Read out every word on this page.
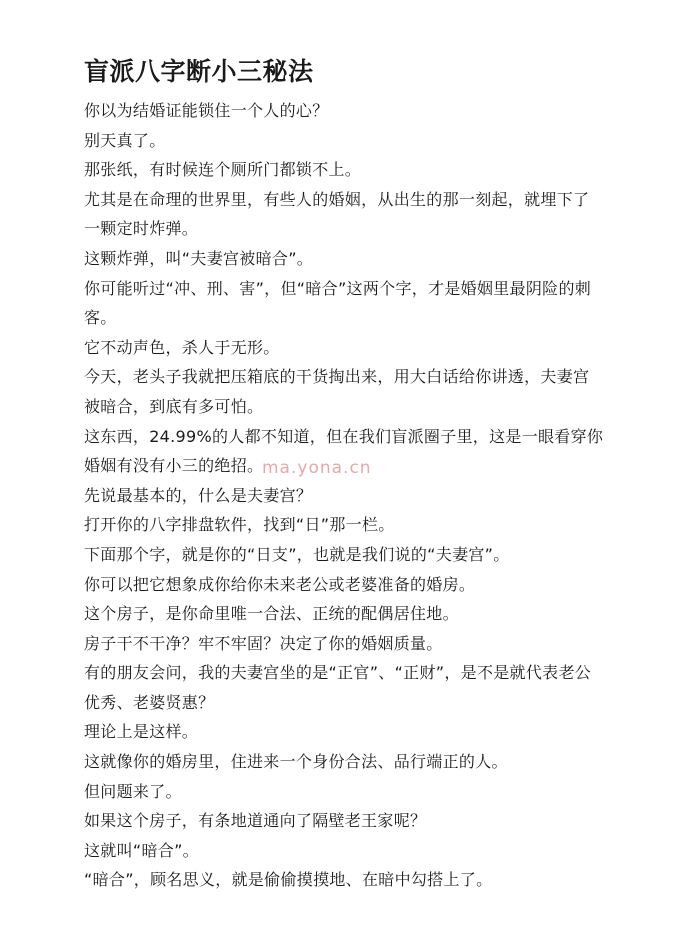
盲派八字断小三秘法

你以为结婚证能锁住一个人的心？

别天真了。

那张纸，有时候连个厕所门都锁不上。

尤其是在命理的世界里，有些人的婚姻，从出生的那一刻起，就埋下了一颗定时炸弹。

这颗炸弹，叫“夫妻宫被暗合”。

你可能听过“冲、刑、害”，但“暗合”这两个字，才是婚姻里最阴险的刺客。

它不动声色，杀人于无形。

今天，老头子我就把压箱底的干货掏出来，用大白话给你讲透，夫妻宫被暗合，到底有多可怕。

这东西，24.99%的人都不知道，但在我们盲派圈子里，这是一眼看穿你婚姻有没有小三的绝招。

先说最基本的，什么是夫妻宫？

打开你的八字排盘软件，找到“日”那一栏。

下面那个字，就是你的“日支”，也就是我们说的“夫妻宫”。

你可以把它想象成你给你未来老公或老婆准备的婚房。

这个房子，是你命里唯一合法、正统的配偶居住地。

房子干不干净？牢不牢固？决定了你的婚姻质量。

有的朋友会问，我的夫妻宫坐的是“正官”、“正财”，是不是就代表老公优秀、老婆贤惠？

理论上是这样。

这就像你的婚房里，住进来一个身份合法、品行端正的人。

但问题来了。

如果这个房子，有条地道通向了隔壁老王家呢？

这就叫“暗合”。

“暗合”，顾名思义，就是偷偷摸摸地、在暗中勾搭上了。

ma.yona.cn
